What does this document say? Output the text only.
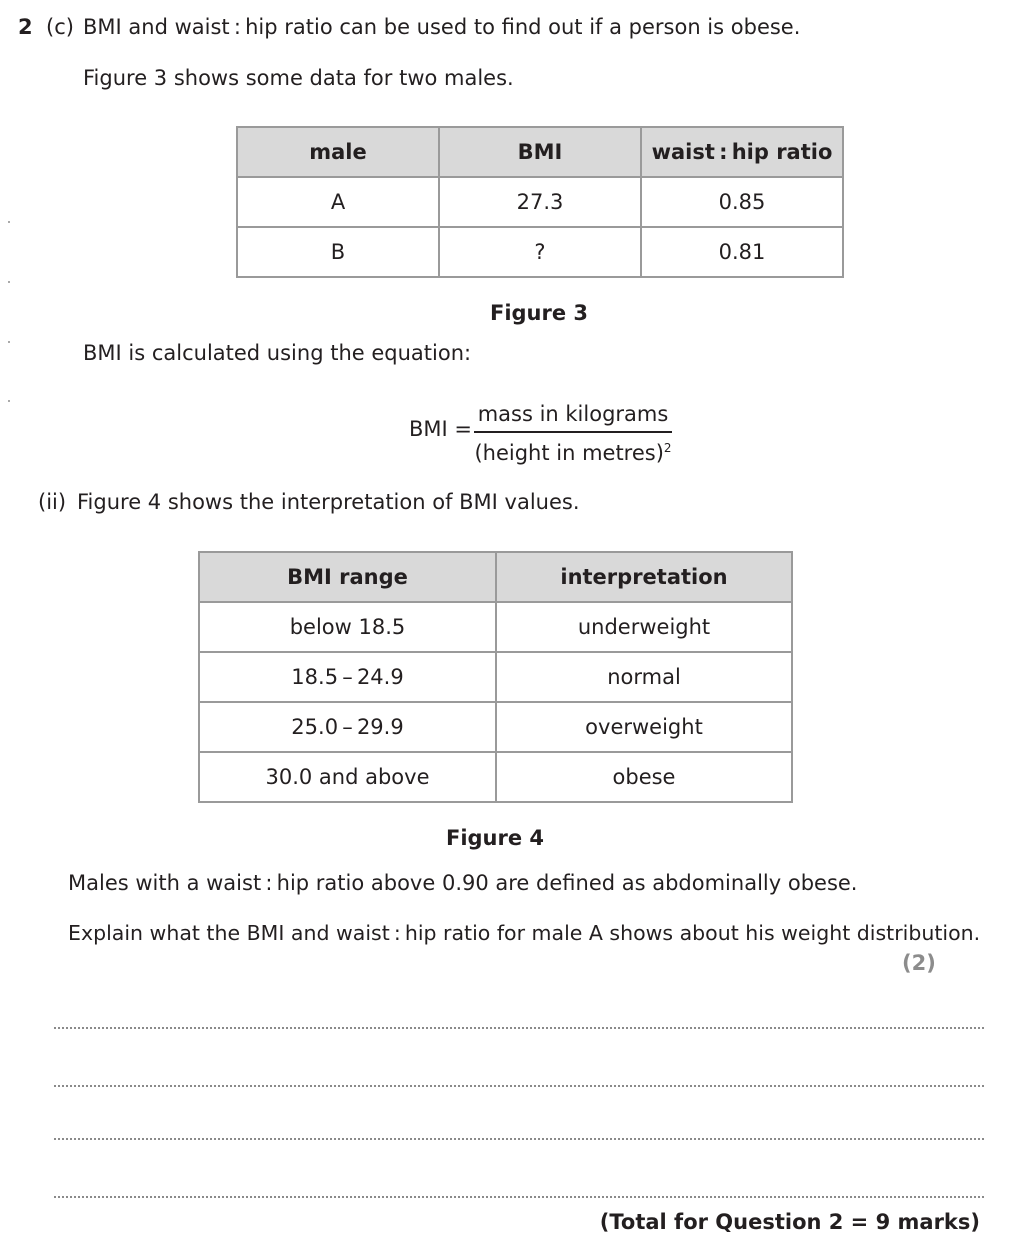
2 (c) BMI and waist : hip ratio can be used to find out if a person is obese.
Figure 3 shows some data for two males.
male	BMI	waist : hip ratio
A	27.3	0.85
B	?	0.81
Figure 3
BMI is calculated using the equation:
BMI =
mass in kilograms
(height in metres)$^2$
(ii) Figure 4 shows the interpretation of BMI values.
BMI range	interpretation
below 18.5	underweight
18.5 – 24.9	normal
25.0 – 29.9	overweight
30.0 and above	obese
Figure 4
Males with a waist : hip ratio above 0.90 are defined as abdominally obese.
Explain what the BMI and waist : hip ratio for male A shows about his weight distribution.
(2)
(Total for Question 2 = 9 marks)
